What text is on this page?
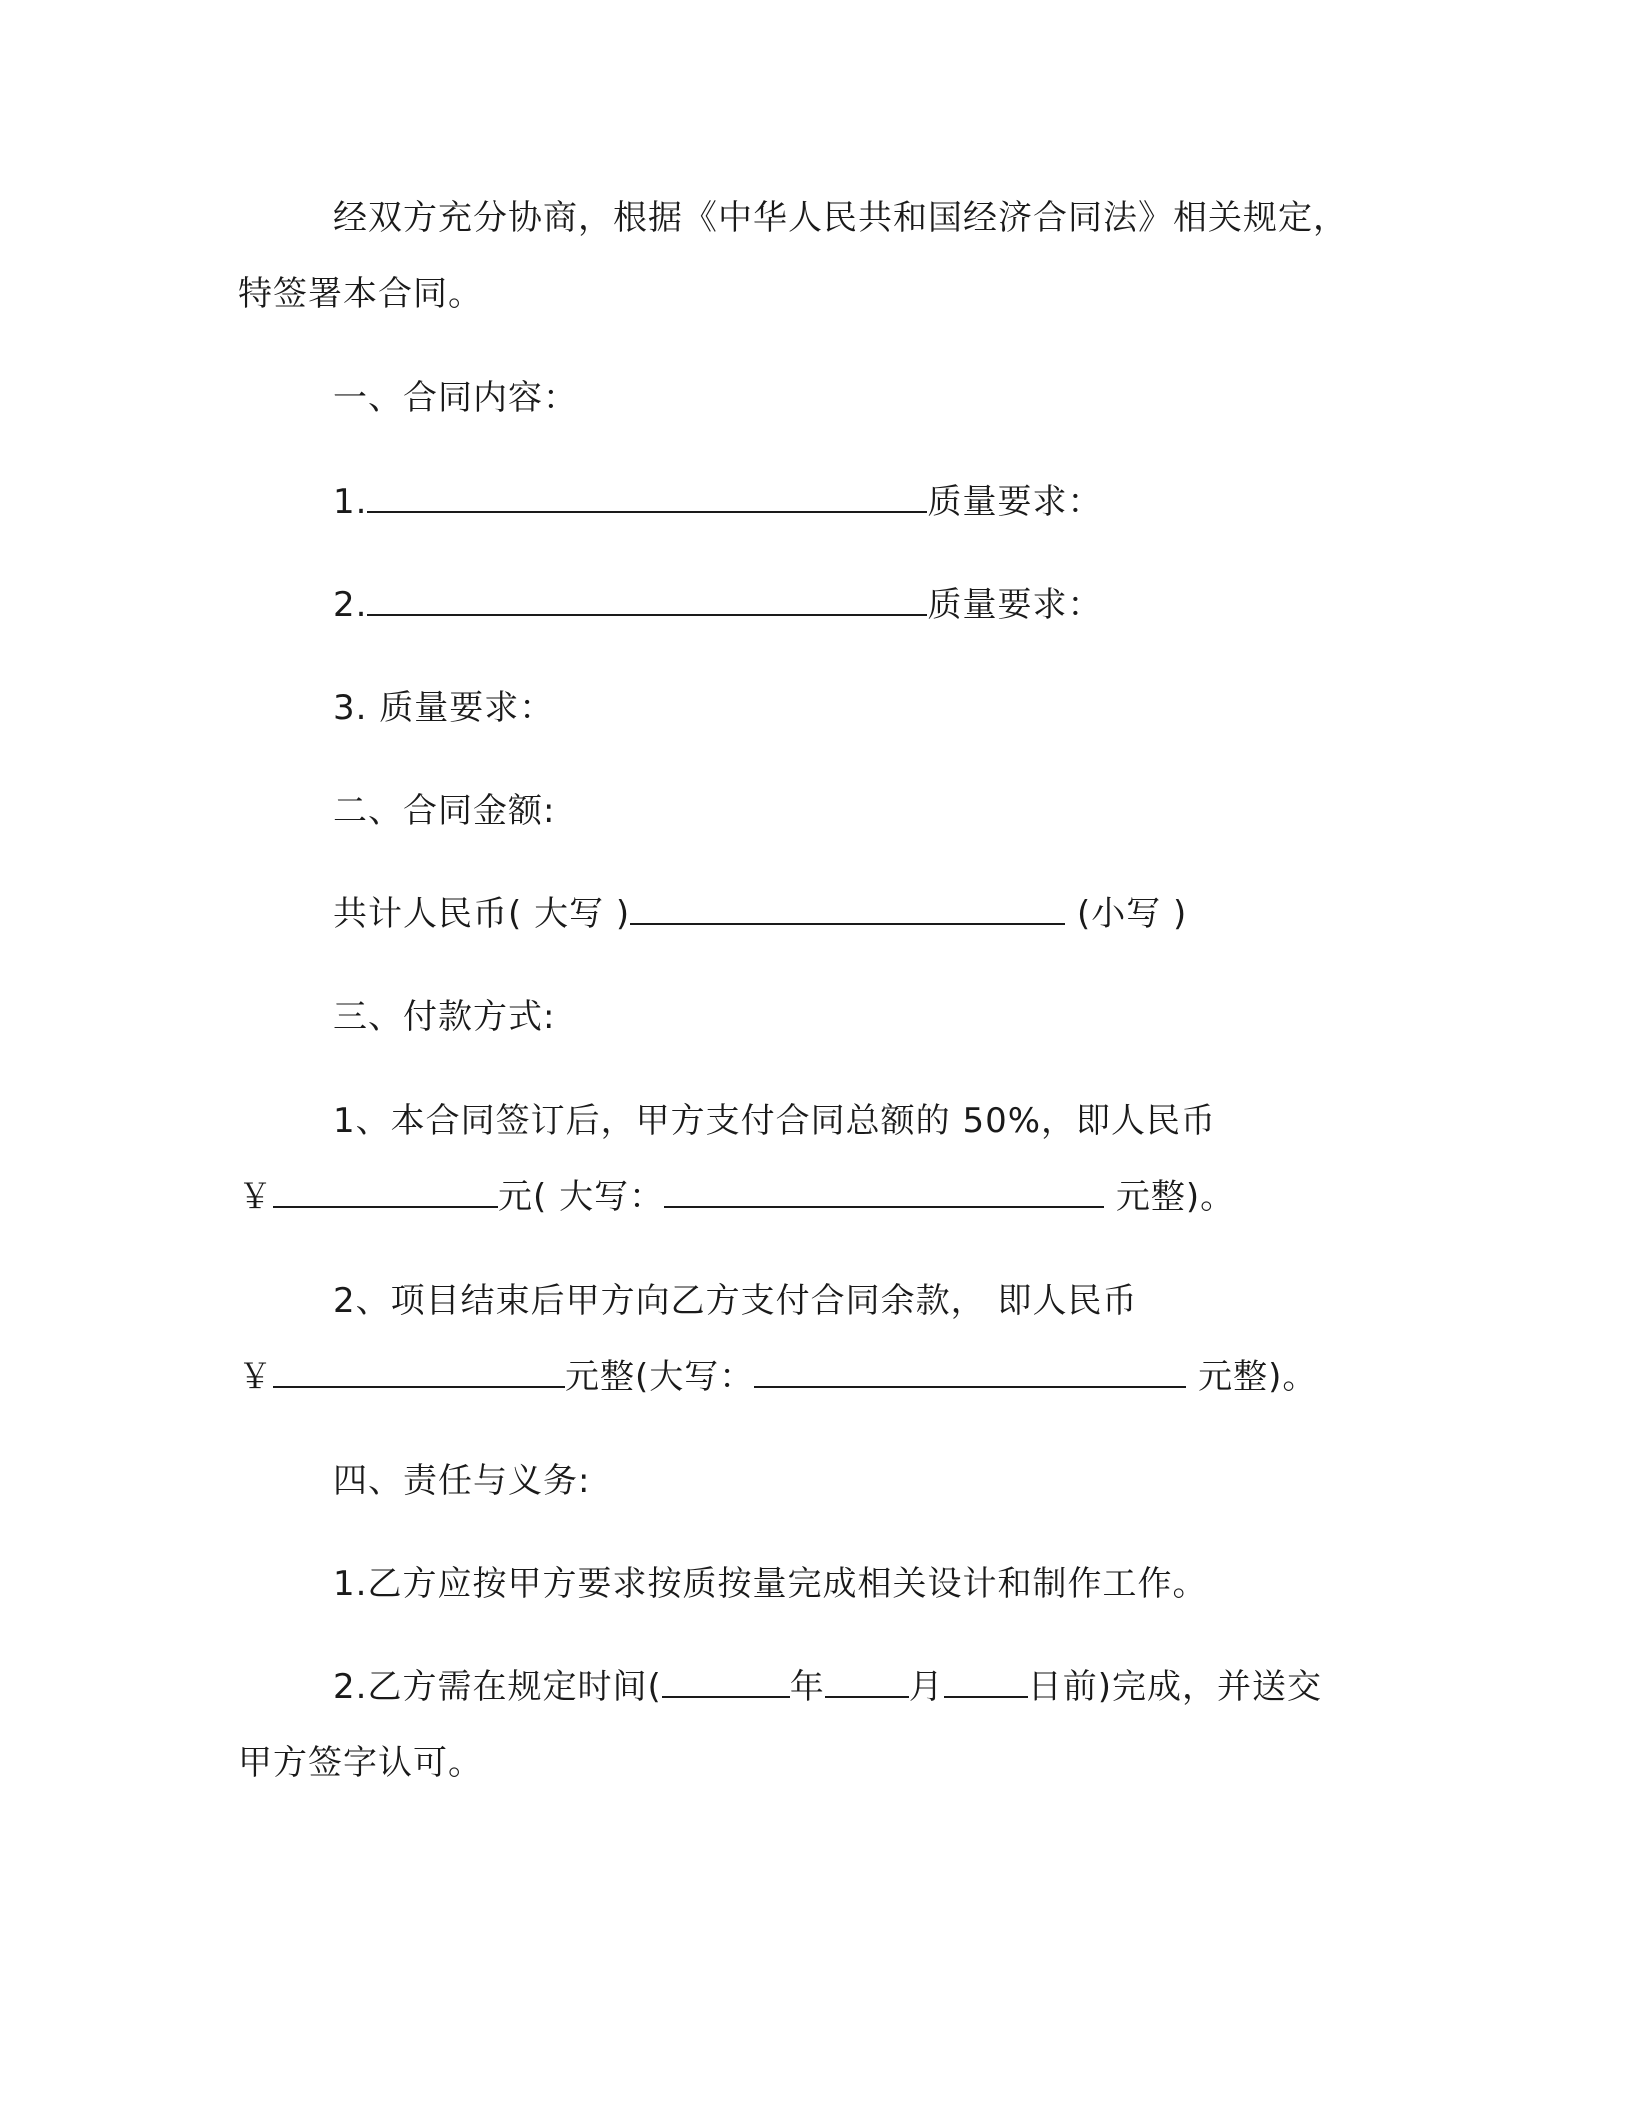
经双方充分协商，根据《中华人民共和国经济合同法》相关规定，
特签署本合同。
一、合同内容：
1.	质量要求：
2.	质量要求：
3. 质量要求：
二、合同金额:
共计人民币( 大写 )	(小写 )
三、付款方式:
1、本合同签订后，甲方支付合同总额的 50%，即人民币
￥	元( 大写：	元整)。
2、项目结束后甲方向乙方支付合同余款， 即人民币
￥	元整(大写：	元整)。
四、责任与义务:
1.乙方应按甲方要求按质按量完成相关设计和制作工作。
2.乙方需在规定时间(	年 月 日前)完成，并送交
甲方签字认可。
